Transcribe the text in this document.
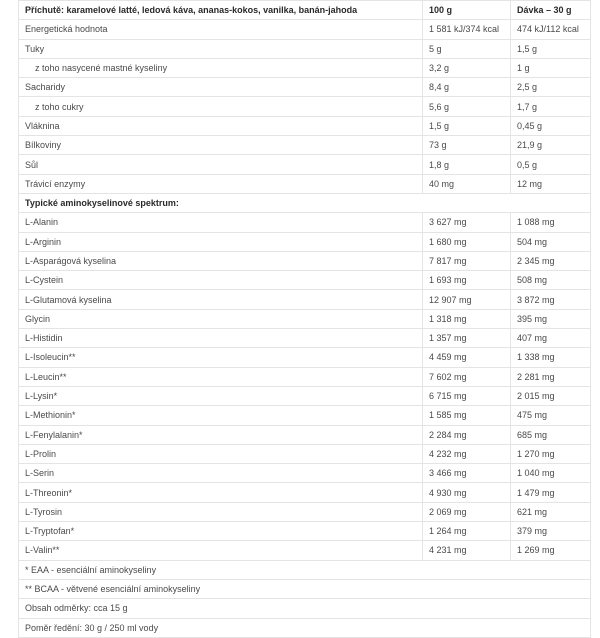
Příchutě: karamelové latté, ledová káva, ananas-kokos, vanilka, banán-jahoda	100 g	Dávka – 30 g
Energetická hodnota	1 581 kJ/374 kcal	474 kJ/112 kcal
Tuky	5 g	1,5 g
z toho nasycené mastné kyseliny	3,2 g	1 g
Sacharidy	8,4 g	2,5 g
z toho cukry	5,6 g	1,7 g
Vláknina	1,5 g	0,45 g
Bílkoviny	73 g	21,9 g
Sůl	1,8 g	0,5 g
Trávicí enzymy	40 mg	12 mg
Typické aminokyselinové spektrum:		
L-Alanin	3 627 mg	1 088 mg
L-Arginin	1 680 mg	504 mg
L-Asparágová kyselina	7 817 mg	2 345 mg
L-Cystein	1 693 mg	508 mg
L-Glutamová kyselina	12 907 mg	3 872 mg
Glycin	1 318 mg	395 mg
L-Histidin	1 357 mg	407 mg
L-Isoleucin**	4 459 mg	1 338 mg
L-Leucin**	7 602 mg	2 281 mg
L-Lysin*	6 715 mg	2 015 mg
L-Methionin*	1 585 mg	475 mg
L-Fenylalanin*	2 284 mg	685 mg
L-Prolin	4 232 mg	1 270 mg
L-Serin	3 466 mg	1 040 mg
L-Threonin*	4 930 mg	1 479 mg
L-Tyrosin	2 069 mg	621 mg
L-Tryptofan*	1 264 mg	379 mg
L-Valin**	4 231 mg	1 269 mg
* EAA - esenciální aminokyseliny		
** BCAA - větvené esenciální aminokyseliny		
Obsah odměrky: cca 15 g		
Poměr ředění: 30 g / 250 ml vody		
